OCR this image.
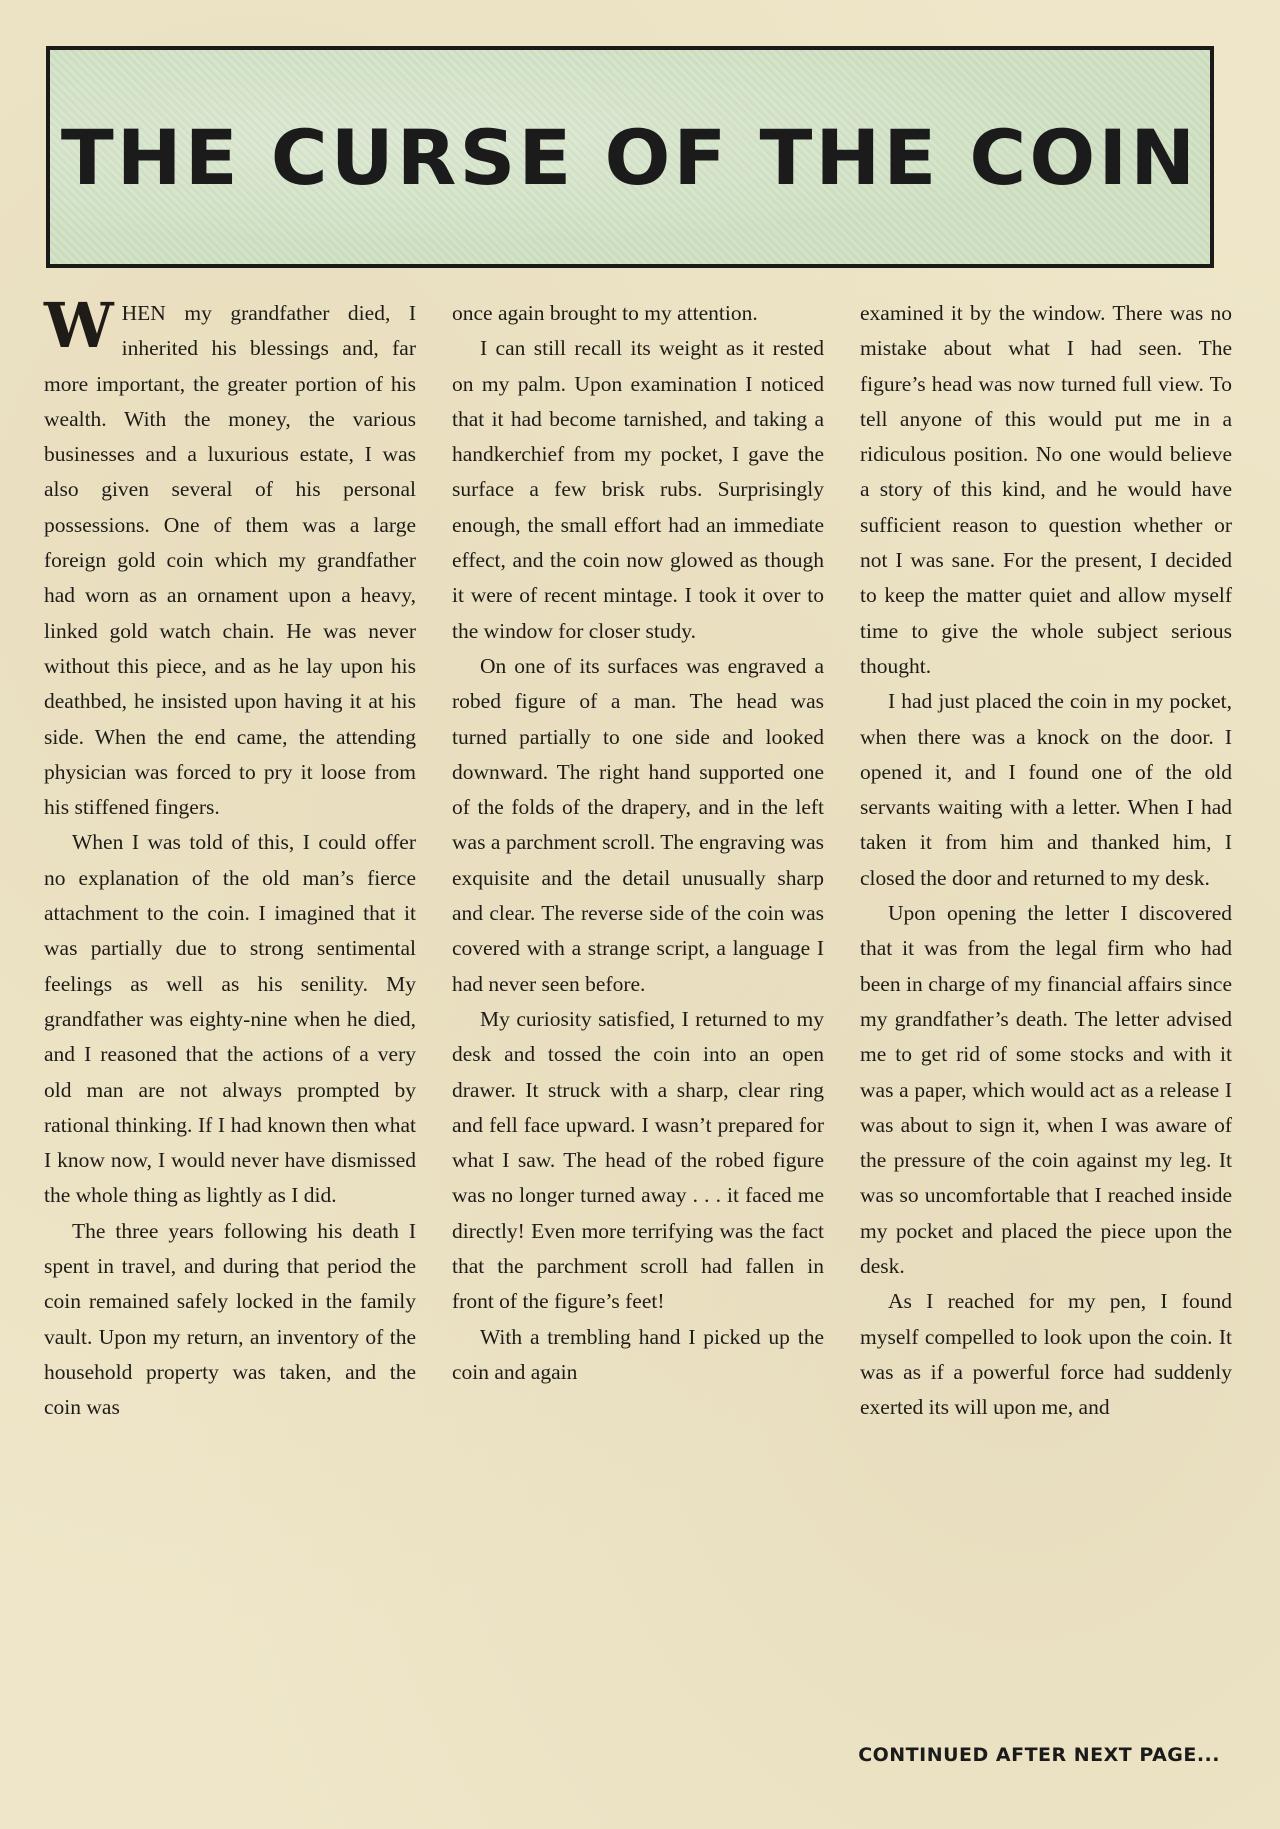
THE CURSE OF THE COIN

WHEN my grandfather died, I inherited his blessings and, far more important, the greater portion of his wealth. With the money, the various businesses and a luxurious estate, I was also given several of his personal possessions. One of them was a large foreign gold coin which my grandfather had worn as an ornament upon a heavy, linked gold watch chain. He was never without this piece, and as he lay upon his deathbed, he insisted upon having it at his side. When the end came, the attending physician was forced to pry it loose from his stiffened fingers.

When I was told of this, I could offer no explanation of the old man’s fierce attachment to the coin. I imagined that it was partially due to strong sentimental feelings as well as his senility. My grandfather was eighty-nine when he died, and I reasoned that the actions of a very old man are not always prompted by rational thinking. If I had known then what I know now, I would never have dismissed the whole thing as lightly as I did.

The three years following his death I spent in travel, and during that period the coin remained safely locked in the family vault. Upon my return, an inventory of the household property was taken, and the coin was

once again brought to my attention.

I can still recall its weight as it rested on my palm. Upon examination I noticed that it had become tarnished, and taking a handkerchief from my pocket, I gave the surface a few brisk rubs. Surprisingly enough, the small effort had an immediate effect, and the coin now glowed as though it were of recent mintage. I took it over to the window for closer study.

On one of its surfaces was engraved a robed figure of a man. The head was turned partially to one side and looked downward. The right hand supported one of the folds of the drapery, and in the left was a parchment scroll. The engraving was exquisite and the detail unusually sharp and clear. The reverse side of the coin was covered with a strange script, a language I had never seen before.

My curiosity satisfied, I returned to my desk and tossed the coin into an open drawer. It struck with a sharp, clear ring and fell face upward. I wasn’t prepared for what I saw. The head of the robed figure was no longer turned away . . . it faced me directly! Even more terrifying was the fact that the parchment scroll had fallen in front of the figure’s feet!

With a trembling hand I picked up the coin and again

examined it by the window. There was no mistake about what I had seen. The figure’s head was now turned full view. To tell anyone of this would put me in a ridiculous position. No one would believe a story of this kind, and he would have sufficient reason to question whether or not I was sane. For the present, I decided to keep the matter quiet and allow myself time to give the whole subject serious thought.

I had just placed the coin in my pocket, when there was a knock on the door. I opened it, and I found one of the old servants waiting with a letter. When I had taken it from him and thanked him, I closed the door and returned to my desk.

Upon opening the letter I discovered that it was from the legal firm who had been in charge of my financial affairs since my grandfather’s death. The letter advised me to get rid of some stocks and with it was a paper, which would act as a release I was about to sign it, when I was aware of the pressure of the coin against my leg. It was so uncomfortable that I reached inside my pocket and placed the piece upon the desk.

As I reached for my pen, I found myself compelled to look upon the coin. It was as if a powerful force had suddenly exerted its will upon me, and

CONTINUED AFTER NEXT PAGE...
